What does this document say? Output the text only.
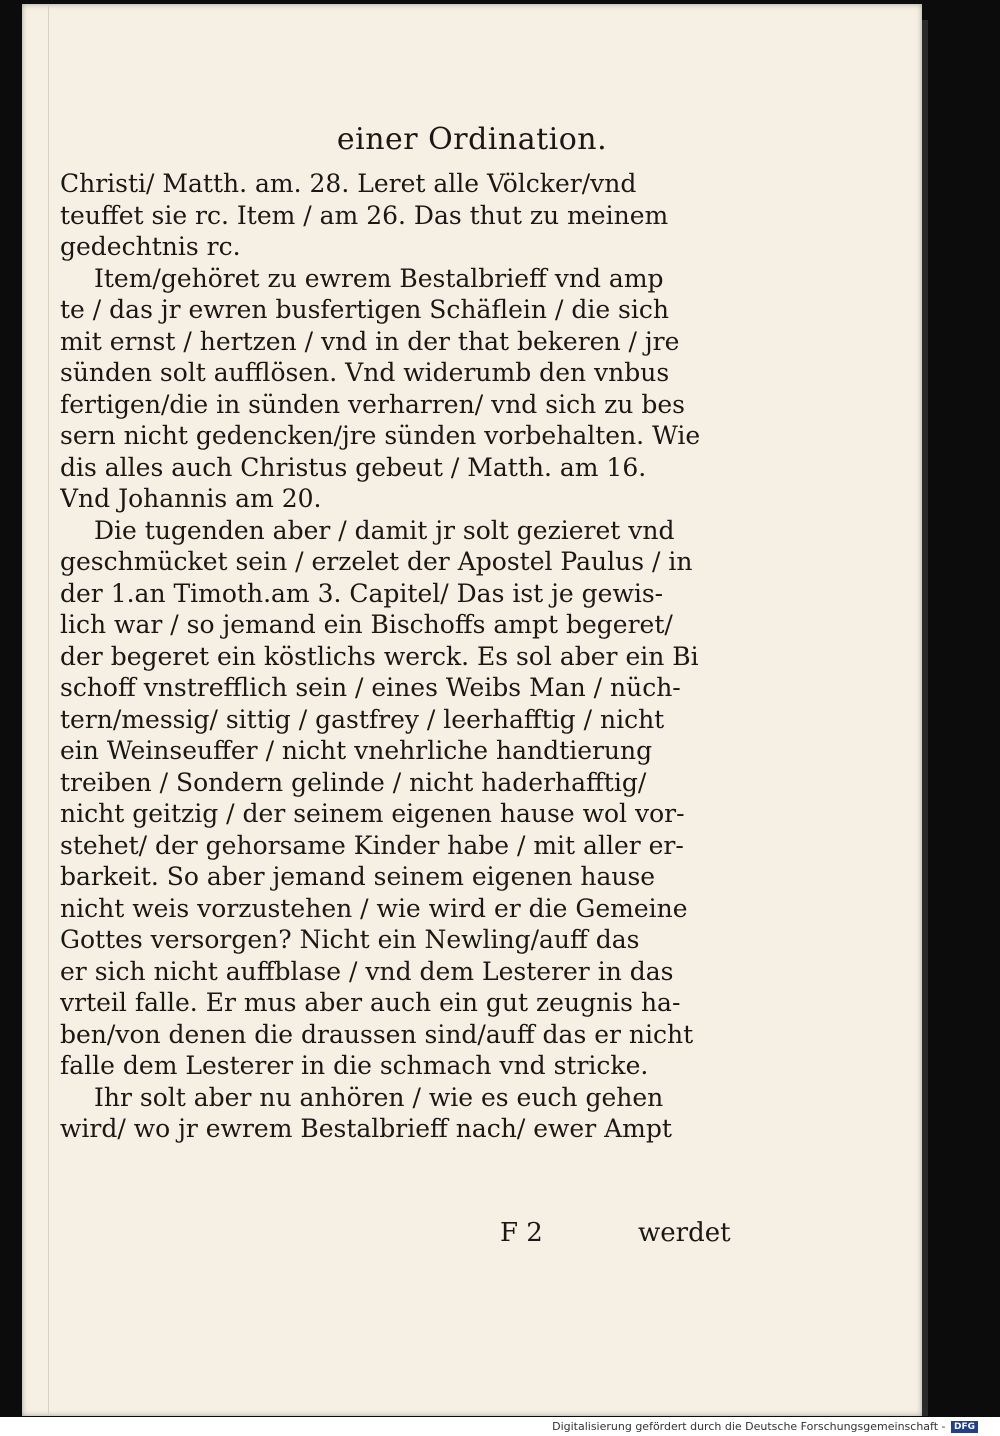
einer Ordination.
Christi/ Matth. am. 28. Leret alle Völcker/vnd
teuffet sie rc. Item / am 26. Das thut zu meinem
gedechtnis rc.
Item/gehöret zu ewrem Bestalbrieff vnd amp
te / das jr ewren busfertigen Schäflein / die sich
mit ernst / hertzen / vnd in der that bekeren / jre
sünden solt aufflösen. Vnd widerumb den vnbus
fertigen/die in sünden verharren/ vnd sich zu bes
sern nicht gedencken/jre sünden vorbehalten. Wie
dis alles auch Christus gebeut / Matth. am 16.
Vnd Johannis am 20.
Die tugenden aber / damit jr solt gezieret vnd
geschmücket sein / erzelet der Apostel Paulus / in
der 1.an Timoth.am 3. Capitel/ Das ist je gewis-
lich war / so jemand ein Bischoffs ampt begeret/
der begeret ein köstlichs werck. Es sol aber ein Bi
schoff vnstrefflich sein / eines Weibs Man / nüch-
tern/messig/ sittig / gastfrey / leerhafftig / nicht
ein Weinseuffer / nicht vnehrliche handtierung
treiben / Sondern gelinde / nicht haderhafftig/
nicht geitzig / der seinem eigenen hause wol vor-
stehet/ der gehorsame Kinder habe / mit aller er-
barkeit. So aber jemand seinem eigenen hause
nicht weis vorzustehen / wie wird er die Gemeine
Gottes versorgen? Nicht ein Newling/auff das
er sich nicht auffblase / vnd dem Lesterer in das
vrteil falle. Er mus aber auch ein gut zeugnis ha-
ben/von denen die draussen sind/auff das er nicht
falle dem Lesterer in die schmach vnd stricke.
Ihr solt aber nu anhören / wie es euch gehen
wird/ wo jr ewrem Bestalbrieff nach/ ewer Ampt
F 2	werdet
Digitalisierung gefördert durch die Deutsche Forschungsgemeinschaft - DFG
